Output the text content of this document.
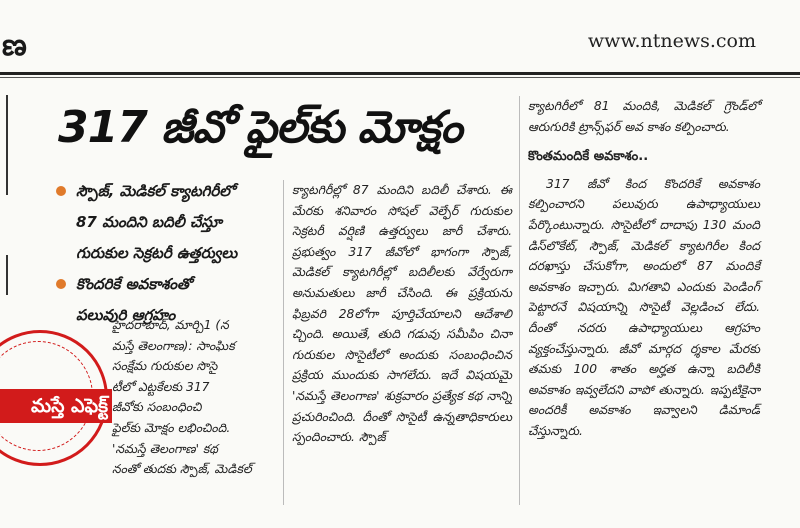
ణ	www.ntnews.com
317 జీవో ఫైల్‌కు మోక్షం
స్పౌజ్‌, మెడికల్‌ క్యాటగిరీలో
87 మందిని బదిలీ చేస్తూ
గురుకుల సెక్రటరీ ఉత్తర్వులు
కొందరికే అవకాశంతో
పలువురి ఆగ్రహం
మస్తే ఎఫెక్ట్

హైదరాబాద్‌, మార్చి1 (న

మస్తే తెలంగాణ): సాంఘిక

సంక్షేమ గురుకుల సొసై

టీలో ఎట్టకేలకు 317

జీవోకు సంబంధించి

ఫైల్‌కు మోక్షం లభించింది.

'నమస్తే తెలంగాణ' కథ

నంతో తుదకు స్పౌజ్‌, మెడికల్‌

క్యాటగిరీల్లో 87 మందిని బదిలీ చేశారు. ఈ మేరకు శనివారం సోషల్‌ వెల్ఫేర్‌ గురుకుల సెక్రటరీ వర్షిణి ఉత్తర్వులు జారీ చేశారు. ప్రభుత్వం 317 జీవోలో భాగంగా స్పౌజ్‌, మెడికల్‌ క్యాటగిరీల్లో బదిలీలకు వేర్వేరుగా అనుమతులు జారీ చేసింది. ఈ ప్రక్రియను ఫిబ్రవరి 28లోగా పూర్తిచేయాలని ఆదేశాలి చ్చింది. అయితే, తుది గడువు సమీపిం చినా గురుకుల సొసైటీలో అందుకు సంబంధించిన ప్రక్రియ ముందుకు సాగలేదు. ఇదే విషయమై 'నమస్తే తెలంగాణ' శుక్రవారం ప్రత్యేక కథ నాన్ని ప్రచురించింది. దీంతో సొసైటీ ఉన్నతాధికారులు స్పందించారు. స్పౌజ్‌

క్యాటగిరీలో 81 మందికి, మెడికల్‌ గ్రౌండ్‌లో ఆరుగురికి ట్రాన్స్‌ఫర్‌ అవ కాశం కల్పించారు.

కొంతమందికే అవకాశం..

317 జీవో కింద కొందరికే అవకాశం కల్పించారని పలువురు ఉపాధ్యాయులు పేర్కొంటున్నారు. సొసైటీలో దాదాపు 130 మంది డిస్‌లొకేట్‌, స్పౌజ్‌, మెడికల్‌ క్యాటగిరీల కింద దరఖాస్తు చేసుకోగా, అందులో 87 మందికే అవకాశం ఇచ్చారు. మిగతావి ఎందుకు పెండింగ్‌ పెట్టారనే విషయాన్ని సొసైటీ వెల్లడించ లేదు. దీంతో నదరు ఉపాధ్యాయులు ఆగ్రహం వ్యక్తంచేస్తున్నారు. జీవో మార్గద ర్శకాల మేరకు తమకు 100 శాతం అర్హత ఉన్నా బదిలీకి అవకాశం ఇవ్వలేదని వాపో తున్నారు. ఇప్పటికైనా అందరికీ అవకాశం ఇవ్వాలని డిమాండ్‌ చేస్తున్నారు.
